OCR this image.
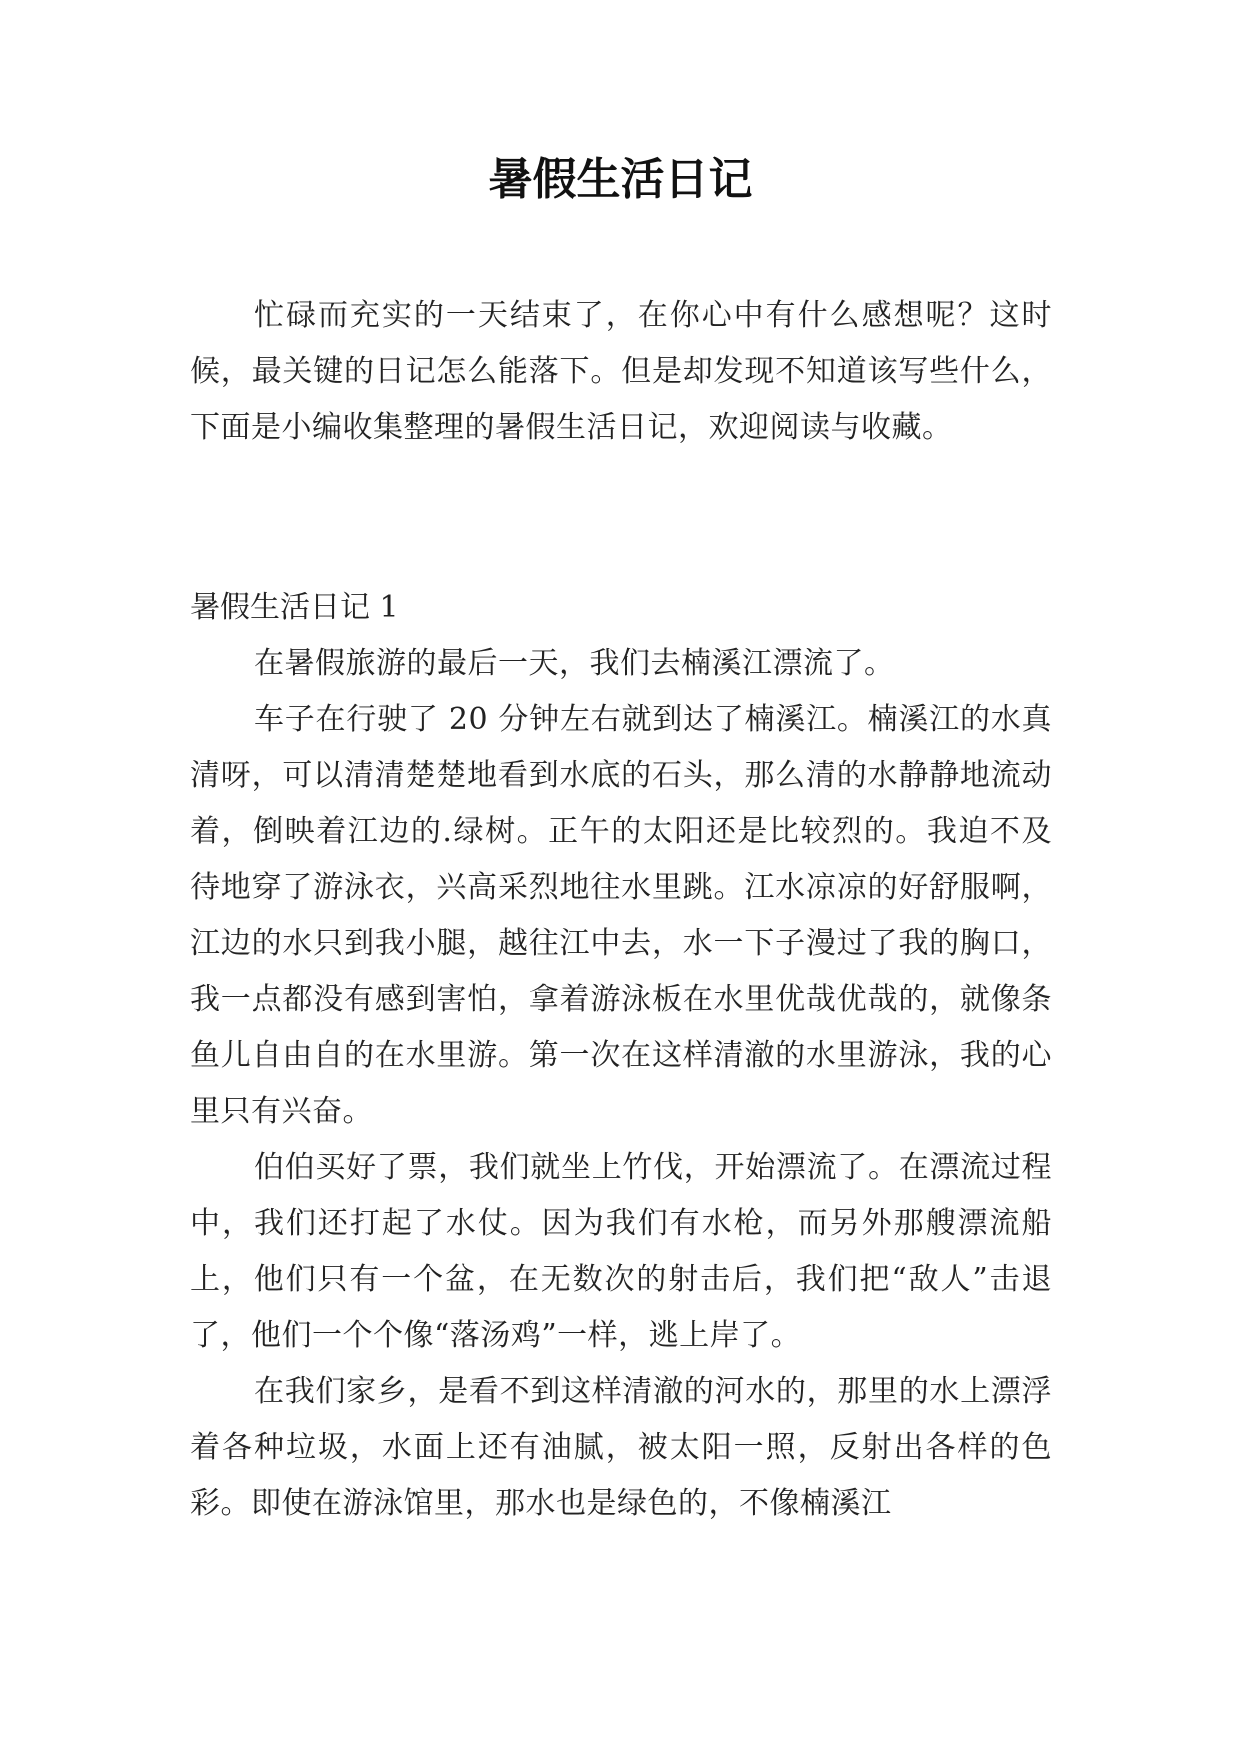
暑假生活日记

忙碌而充实的一天结束了，在你心中有什么感想呢？这时候，最关键的日记怎么能落下。但是却发现不知道该写些什么，下面是小编收集整理的暑假生活日记，欢迎阅读与收藏。

暑假生活日记 1

在暑假旅游的最后一天，我们去楠溪江漂流了。

车子在行驶了 20 分钟左右就到达了楠溪江。楠溪江的水真清呀，可以清清楚楚地看到水底的石头，那么清的水静静地流动着，倒映着江边的.绿树。正午的太阳还是比较烈的。我迫不及待地穿了游泳衣，兴高采烈地往水里跳。江水凉凉的好舒服啊，江边的水只到我小腿，越往江中去，水一下子漫过了我的胸口，我一点都没有感到害怕，拿着游泳板在水里优哉优哉的，就像条鱼儿自由自的在水里游。第一次在这样清澈的水里游泳，我的心里只有兴奋。

伯伯买好了票，我们就坐上竹伐，开始漂流了。在漂流过程中，我们还打起了水仗。因为我们有水枪，而另外那艘漂流船上，他们只有一个盆，在无数次的射击后，我们把“敌人”击退了，他们一个个像“落汤鸡”一样，逃上岸了。

在我们家乡，是看不到这样清澈的河水的，那里的水上漂浮着各种垃圾，水面上还有油腻，被太阳一照，反射出各样的色彩。即使在游泳馆里，那水也是绿色的，不像楠溪江
